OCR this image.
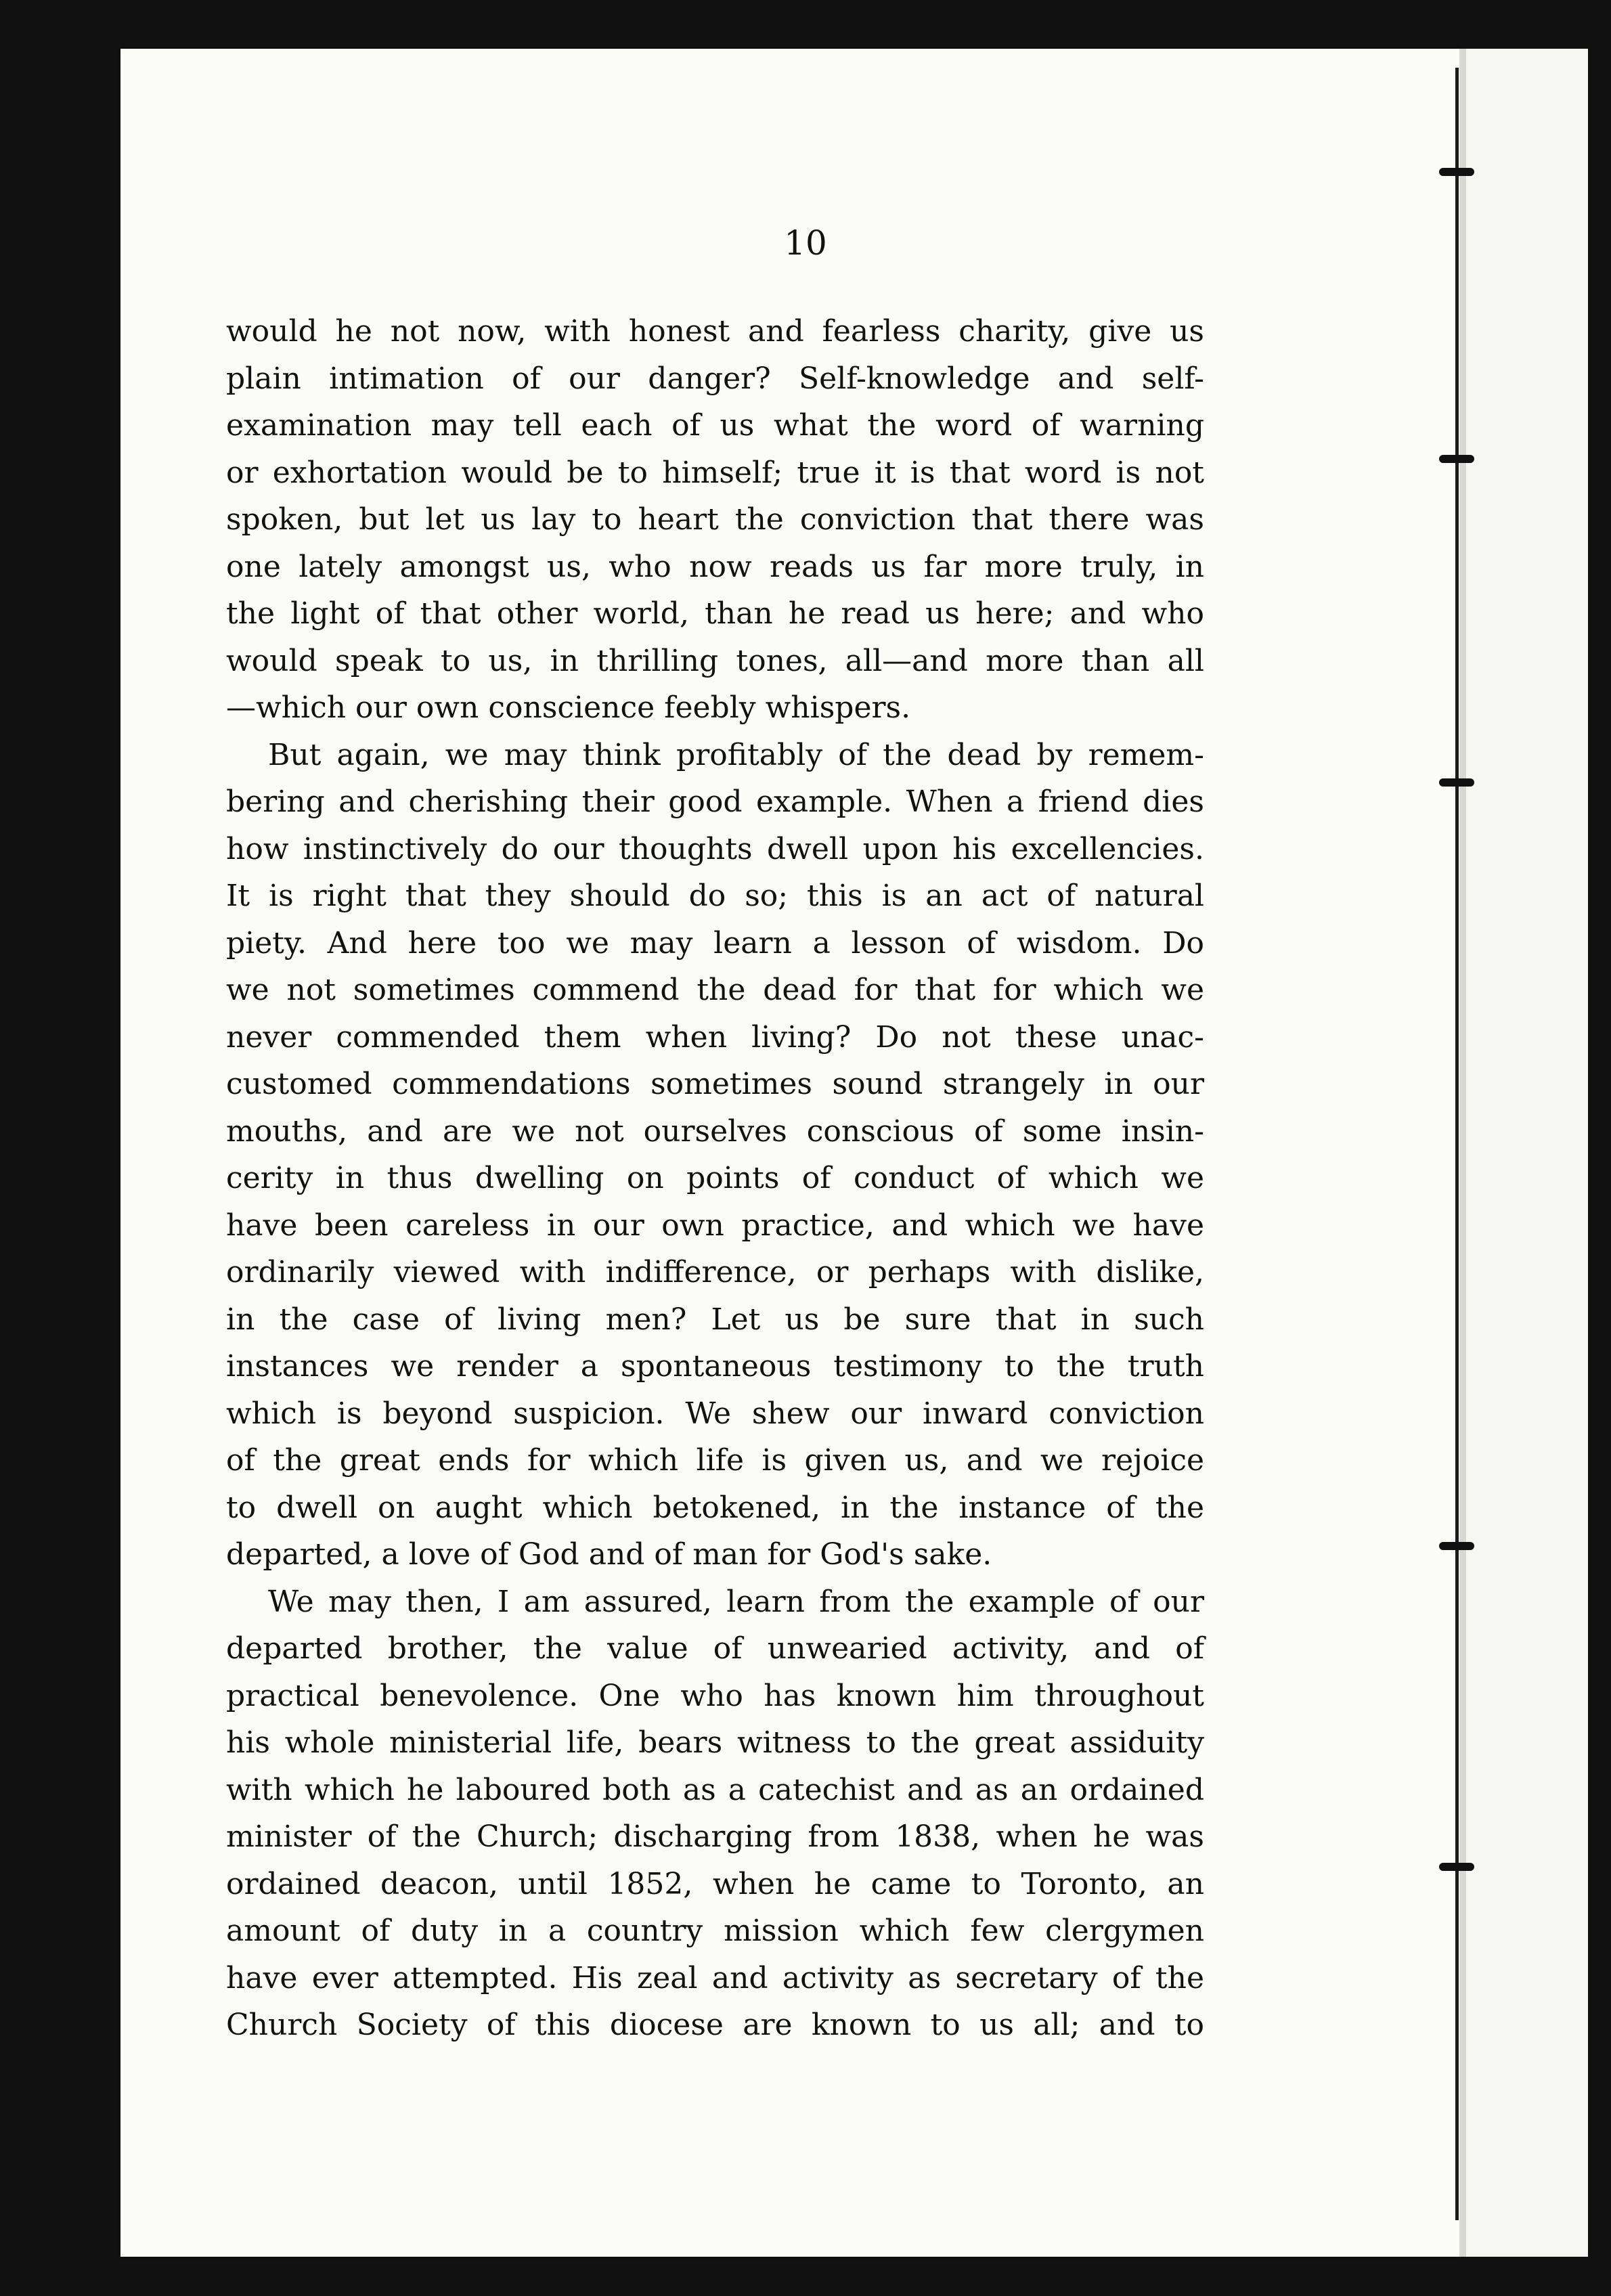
10
would he not now, with honest and fearless charity, give us
plain intimation of our danger? Self-knowledge and self-
examination may tell each of us what the word of warning
or exhortation would be to himself; true it is that word is not
spoken, but let us lay to heart the conviction that there was
one lately amongst us, who now reads us far more truly, in
the light of that other world, than he read us here; and who
would speak to us, in thrilling tones, all—and more than all
—which our own conscience feebly whispers.
But again, we may think profitably of the dead by remem-
bering and cherishing their good example. When a friend dies
how instinctively do our thoughts dwell upon his excellencies.
It is right that they should do so; this is an act of natural
piety. And here too we may learn a lesson of wisdom. Do
we not sometimes commend the dead for that for which we
never commended them when living? Do not these unac-
customed commendations sometimes sound strangely in our
mouths, and are we not ourselves conscious of some insin-
cerity in thus dwelling on points of conduct of which we
have been careless in our own practice, and which we have
ordinarily viewed with indifference, or perhaps with dislike,
in the case of living men? Let us be sure that in such
instances we render a spontaneous testimony to the truth
which is beyond suspicion. We shew our inward conviction
of the great ends for which life is given us, and we rejoice
to dwell on aught which betokened, in the instance of the
departed, a love of God and of man for God's sake.
We may then, I am assured, learn from the example of our
departed brother, the value of unwearied activity, and of
practical benevolence. One who has known him throughout
his whole ministerial life, bears witness to the great assiduity
with which he laboured both as a catechist and as an ordained
minister of the Church; discharging from 1838, when he was
ordained deacon, until 1852, when he came to Toronto, an
amount of duty in a country mission which few clergymen
have ever attempted. His zeal and activity as secretary of the
Church Society of this diocese are known to us all; and to
